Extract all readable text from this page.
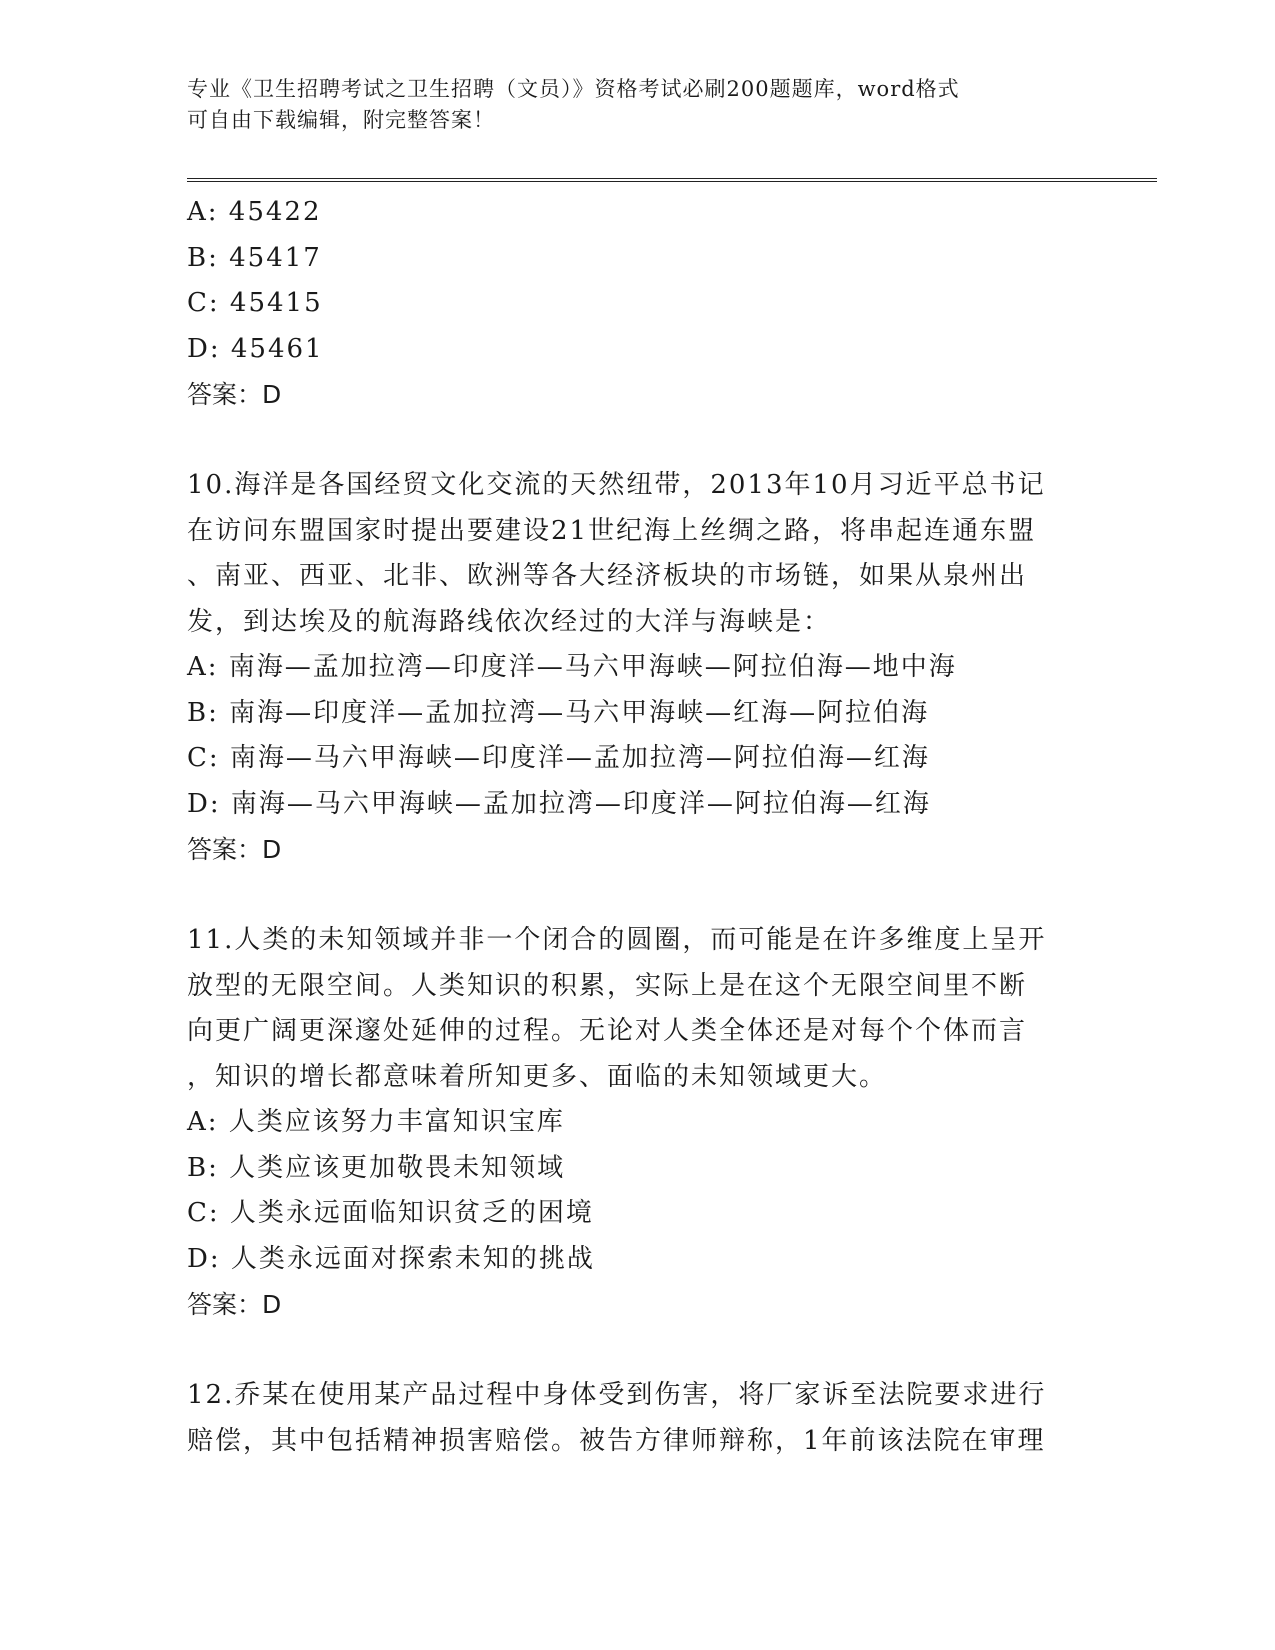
专业《卫生招聘考试之卫生招聘（文员）》资格考试必刷200题题库，word格式
可自由下载编辑，附完整答案！
A: 45422
B: 45417
C: 45415
D: 45461
答案：D
10.海洋是各国经贸文化交流的天然纽带，2013年10月习近平总书记
在访问东盟国家时提出要建设21世纪海上丝绸之路，将串起连通东盟
、南亚、西亚、北非、欧洲等各大经济板块的市场链，如果从泉州出
发，到达埃及的航海路线依次经过的大洋与海峡是：
A: 南海—孟加拉湾—印度洋—马六甲海峡—阿拉伯海—地中海
B: 南海—印度洋—孟加拉湾—马六甲海峡—红海—阿拉伯海
C: 南海—马六甲海峡—印度洋—孟加拉湾—阿拉伯海—红海
D: 南海—马六甲海峡—孟加拉湾—印度洋—阿拉伯海—红海
答案：D
11.人类的未知领域并非一个闭合的圆圈，而可能是在许多维度上呈开
放型的无限空间。人类知识的积累，实际上是在这个无限空间里不断
向更广阔更深邃处延伸的过程。无论对人类全体还是对每个个体而言
，知识的增长都意味着所知更多、面临的未知领域更大。
A: 人类应该努力丰富知识宝库
B: 人类应该更加敬畏未知领域
C: 人类永远面临知识贫乏的困境
D: 人类永远面对探索未知的挑战
答案：D
12.乔某在使用某产品过程中身体受到伤害，将厂家诉至法院要求进行
赔偿，其中包括精神损害赔偿。被告方律师辩称，1年前该法院在审理
